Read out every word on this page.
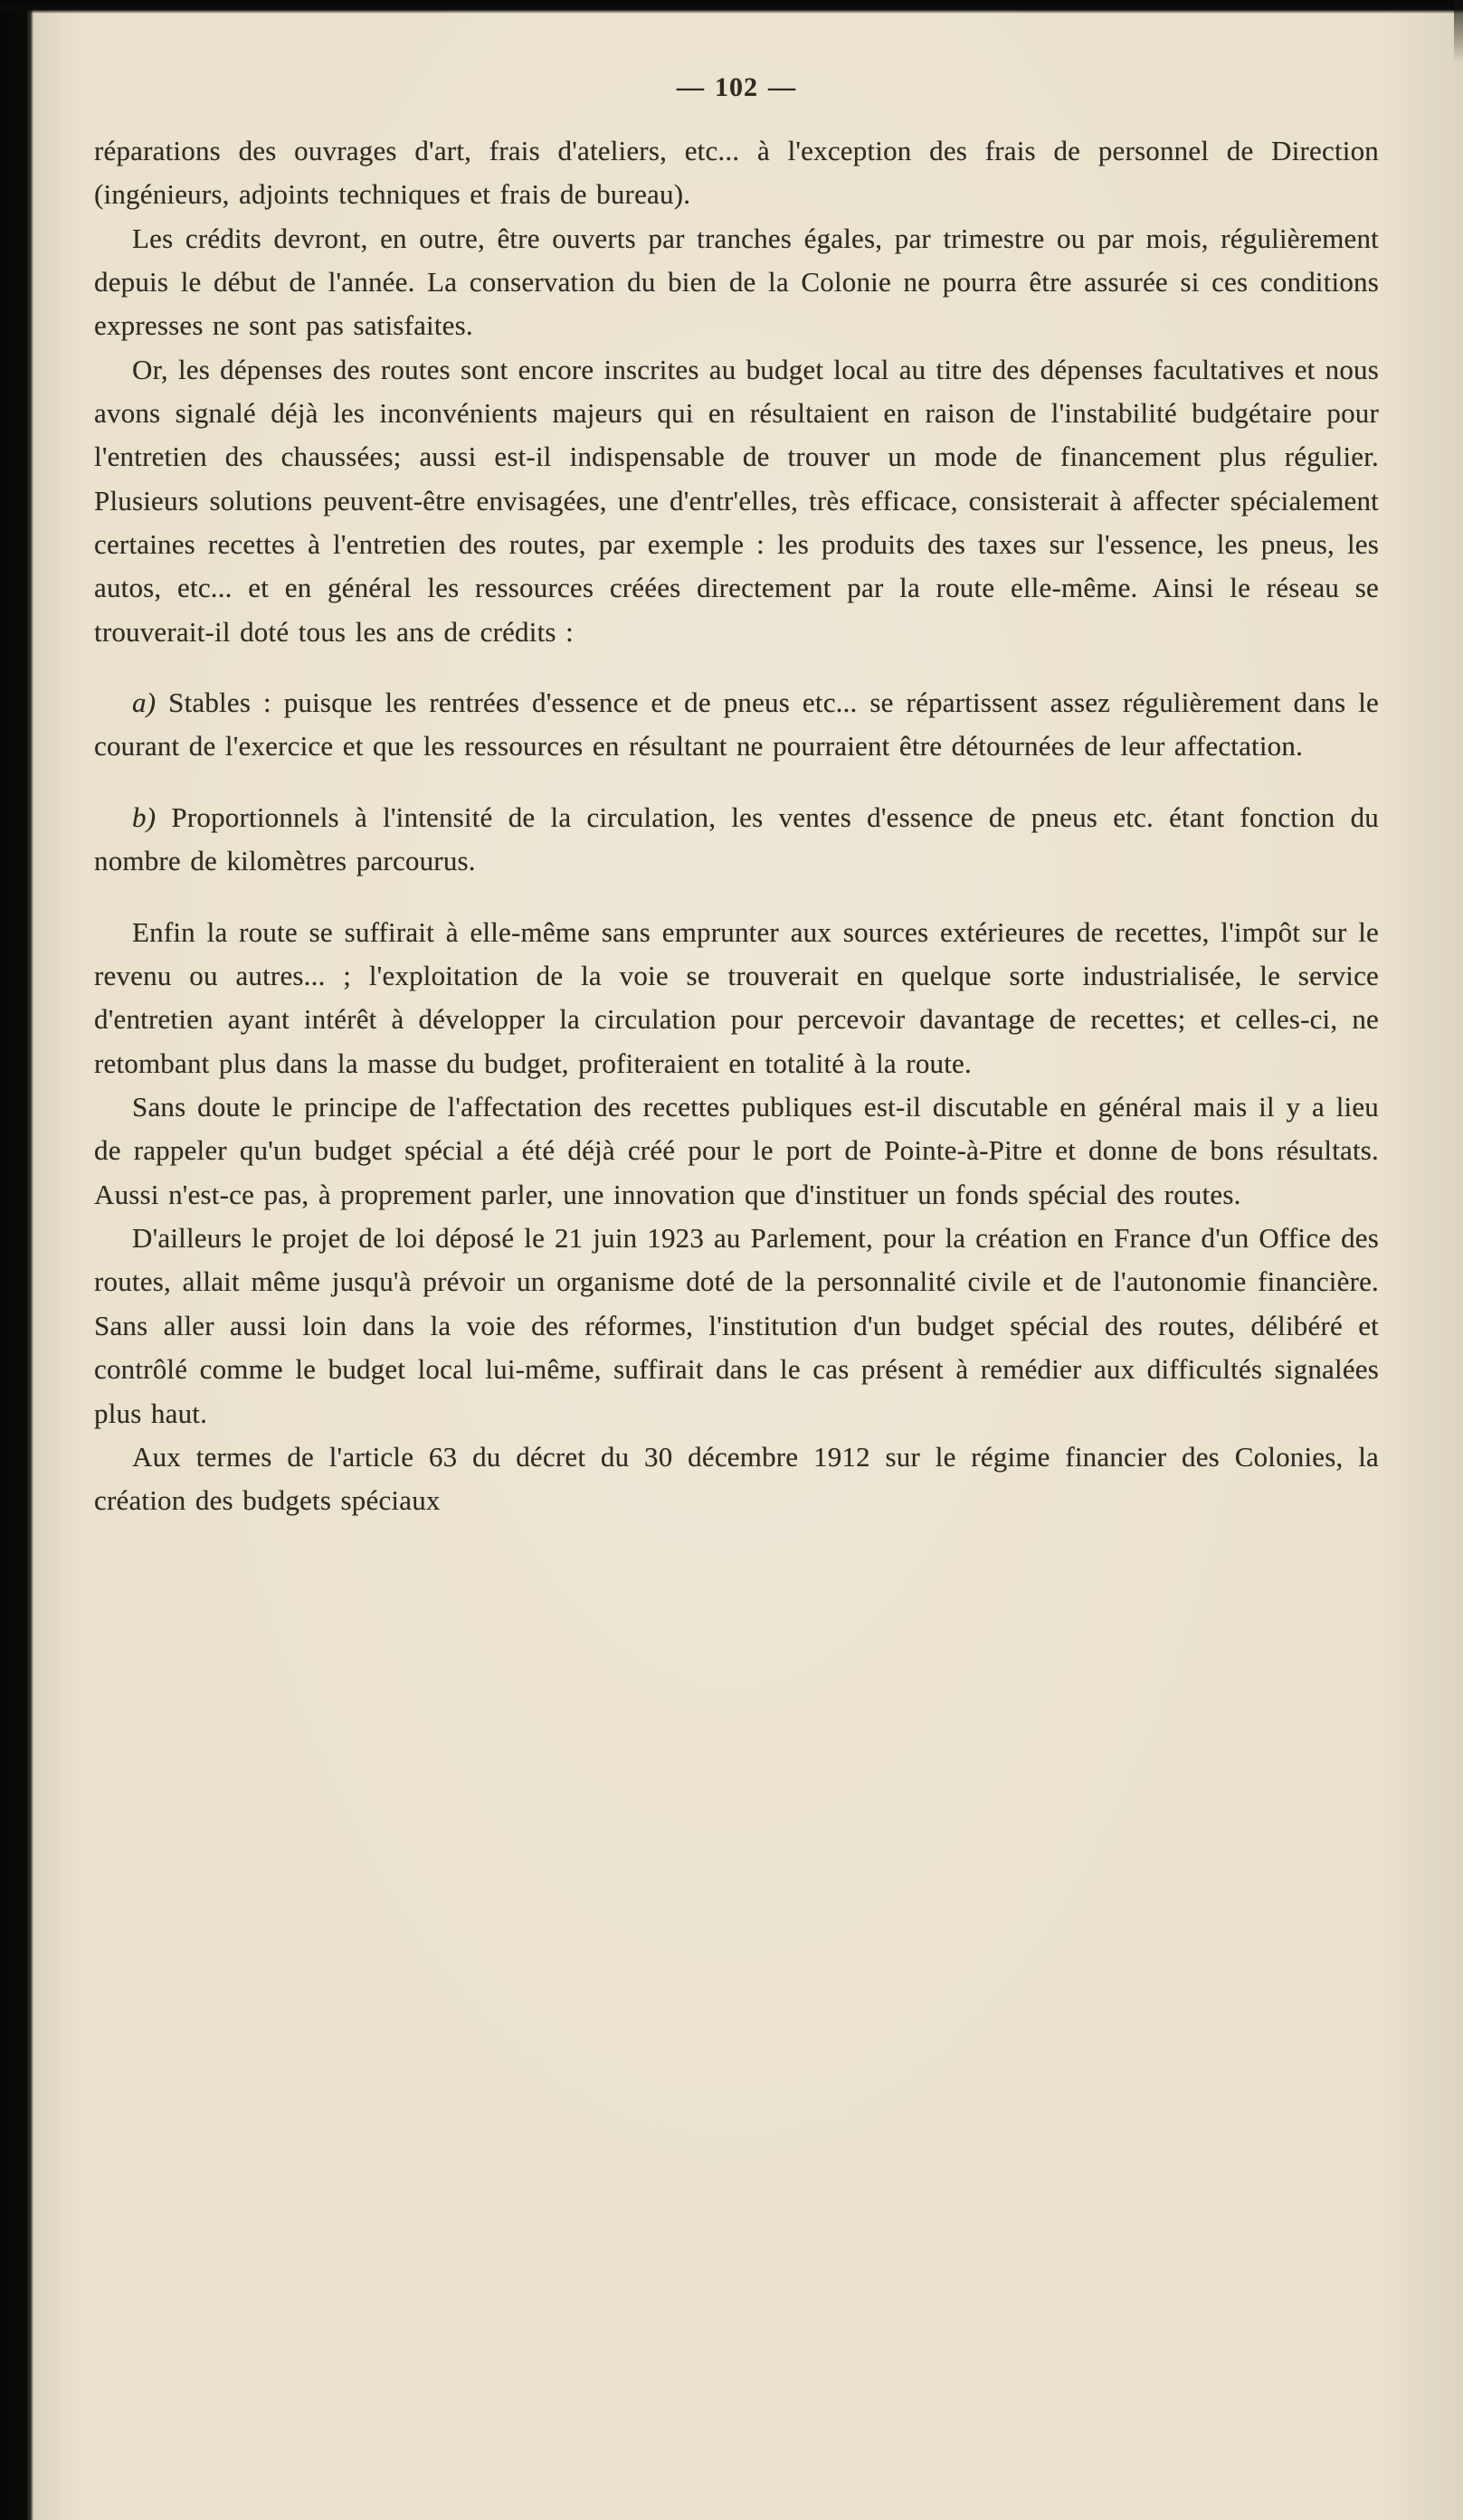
— 102 —

réparations des ouvrages d'art, frais d'ateliers, etc... à l'exception des frais de personnel de Direction (ingénieurs, adjoints techniques et frais de bureau).

Les crédits devront, en outre, être ouverts par tranches égales, par trimestre ou par mois, régulièrement depuis le début de l'année. La conservation du bien de la Colonie ne pourra être assurée si ces conditions expresses ne sont pas satisfaites.

Or, les dépenses des routes sont encore inscrites au budget local au titre des dépenses facultatives et nous avons signalé déjà les inconvénients majeurs qui en résultaient en raison de l'instabilité budgétaire pour l'entretien des chaussées; aussi est-il indispensable de trouver un mode de financement plus régulier. Plusieurs solutions peuvent-être envisagées, une d'entr'elles, très efficace, consisterait à affecter spécialement certaines recettes à l'entretien des routes, par exemple : les produits des taxes sur l'essence, les pneus, les autos, etc... et en général les ressources créées directement par la route elle-même. Ainsi le réseau se trouverait-il doté tous les ans de crédits :

a) Stables : puisque les rentrées d'essence et de pneus etc... se répartissent assez régulièrement dans le courant de l'exercice et que les ressources en résultant ne pourraient être détournées de leur affectation.

b) Proportionnels à l'intensité de la circulation, les ventes d'essence de pneus etc. étant fonction du nombre de kilomètres parcourus.

Enfin la route se suffirait à elle-même sans emprunter aux sources extérieures de recettes, l'impôt sur le revenu ou autres... ; l'exploitation de la voie se trouverait en quelque sorte industrialisée, le service d'entretien ayant intérêt à développer la circulation pour percevoir davantage de recettes; et celles-ci, ne retombant plus dans la masse du budget, profiteraient en totalité à la route.

Sans doute le principe de l'affectation des recettes publiques est-il discutable en général mais il y a lieu de rappeler qu'un budget spécial a été déjà créé pour le port de Pointe-à-Pitre et donne de bons résultats. Aussi n'est-ce pas, à proprement parler, une innovation que d'instituer un fonds spécial des routes.

D'ailleurs le projet de loi déposé le 21 juin 1923 au Parlement, pour la création en France d'un Office des routes, allait même jusqu'à prévoir un organisme doté de la personnalité civile et de l'autonomie financière. Sans aller aussi loin dans la voie des réformes, l'institution d'un budget spécial des routes, délibéré et contrôlé comme le budget local lui-même, suffirait dans le cas présent à remédier aux difficultés signalées plus haut.

Aux termes de l'article 63 du décret du 30 décembre 1912 sur le régime financier des Colonies, la création des budgets spéciaux
